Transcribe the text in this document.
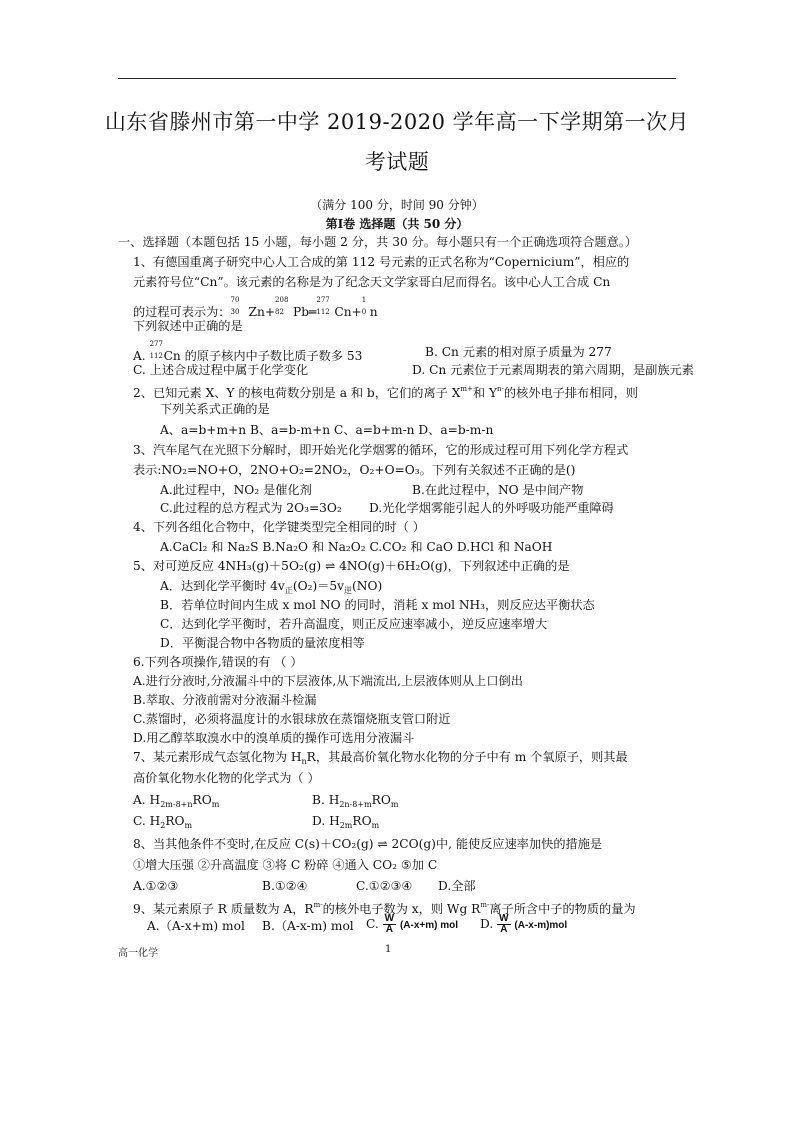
山东省滕州市第一中学 2019-2020 学年高一下学期第一次月
考试题
（满分 100 分，时间 90 分钟）
第Ⅰ卷 选择题（共 50 分）
一、选择题（本题包括 15 小题，每小题 2 分，共 30 分。每小题只有一个正确选项符合题意。）
1、有德国重离子研究中心人工合成的第 112 号元素的正式名称为“Copernicium”，相应的
元素符号位“Cn”。该元素的名称是为了纪念天文学家哥白尼而得名。该中心人工合成 Cn
的过程可表示为：
70
30 Zn+
208
82 Pb═
277
112 Cn+
1
0 n
下列叙述中正确的是
A.
277
112 Cn 的原子核内中子数比质子数多 53	B. Cn 元素的相对原子质量为 277
C. 上述合成过程中属于化学变化	D. Cn 元素位于元素周期表的第六周期，是副族元素
2、已知元素 X、Y 的核电荷数分别是 a 和 b，它们的离子 $X^{m+}$和 $Y^{n-}$的核外电子排布相同，则
下列关系式正确的是
A、a=b+m+n B、a=b-m+n C、a=b+m-n D、a=b-m-n
3、汽车尾气在光照下分解时，即开始光化学烟雾的循环，它的形成过程可用下列化学方程式
表示:NO₂=NO+O，2NO+O₂=2NO₂，O₂+O=O₃。下列有关叙述不正确的是()
A.此过程中，NO₂ 是催化剂	B.在此过程中，NO 是中间产物
C.此过程的总方程式为 2O₃=3O₂ D.光化学烟雾能引起人的外呼吸功能严重障碍
4、下列各组化合物中，化学键类型完全相同的时（ ）
A.CaCl₂ 和 Na₂S B.Na₂O 和 Na₂O₂ C.CO₂ 和 CaO D.HCl 和 NaOH
5、对可逆反应 4NH₃(g)＋5O₂(g) ⇌ 4NO(g)＋6H₂O(g)，下列叙述中正确的是
A．达到化学平衡时 $4v_正(O_2)=5v_逆(NO)$
B．若单位时间内生成 x mol NO 的同时，消耗 x mol NH₃，则反应达平衡状态
C．达到化学平衡时，若升高温度，则正反应速率减小，逆反应速率增大
D．平衡混合物中各物质的量浓度相等
6.下列各项操作,错误的有 （ ）
A.进行分液时,分液漏斗中的下层液体,从下端流出,上层液体则从上口倒出
B.萃取、分液前需对分液漏斗检漏
C.蒸馏时，必须将温度计的水银球放在蒸馏烧瓶支管口附近
D.用乙醇萃取溴水中的溴单质的操作可选用分液漏斗
7、某元素形成气态氢化物为 $H_nR$，其最高价氧化物水化物的分子中有 m 个氧原子，则其最
高价氧化物水化物的化学式为（ ）
A. $H_{2m-8+n}RO_m$	B. $H_{2n-8+m}RO_m$
C. $H_2RO_m$	D. $H_{2m}RO_m$
8、当其他条件不变时,在反应 C(s)＋CO₂(g) ⇌ 2CO(g)中, 能使反应速率加快的措施是
①增大压强 ②升高温度 ③将 C 粉碎 ④通入 CO₂ ⑤加 C
A.①②③	B.①②④	C.①②③④ D.全部
9、某元素原子 R 质量数为 A，$R^{m-}$的核外电子数为 x，则 Wg $R^{m-}$离子所含中子的物质的量为
A.（A-x+m) mol B.（A-x-m) mol C. $\frac{W}{A} (A-x+m)$ mol D. $\frac{W}{A} (A-x-m)mol$
高一化学	1
